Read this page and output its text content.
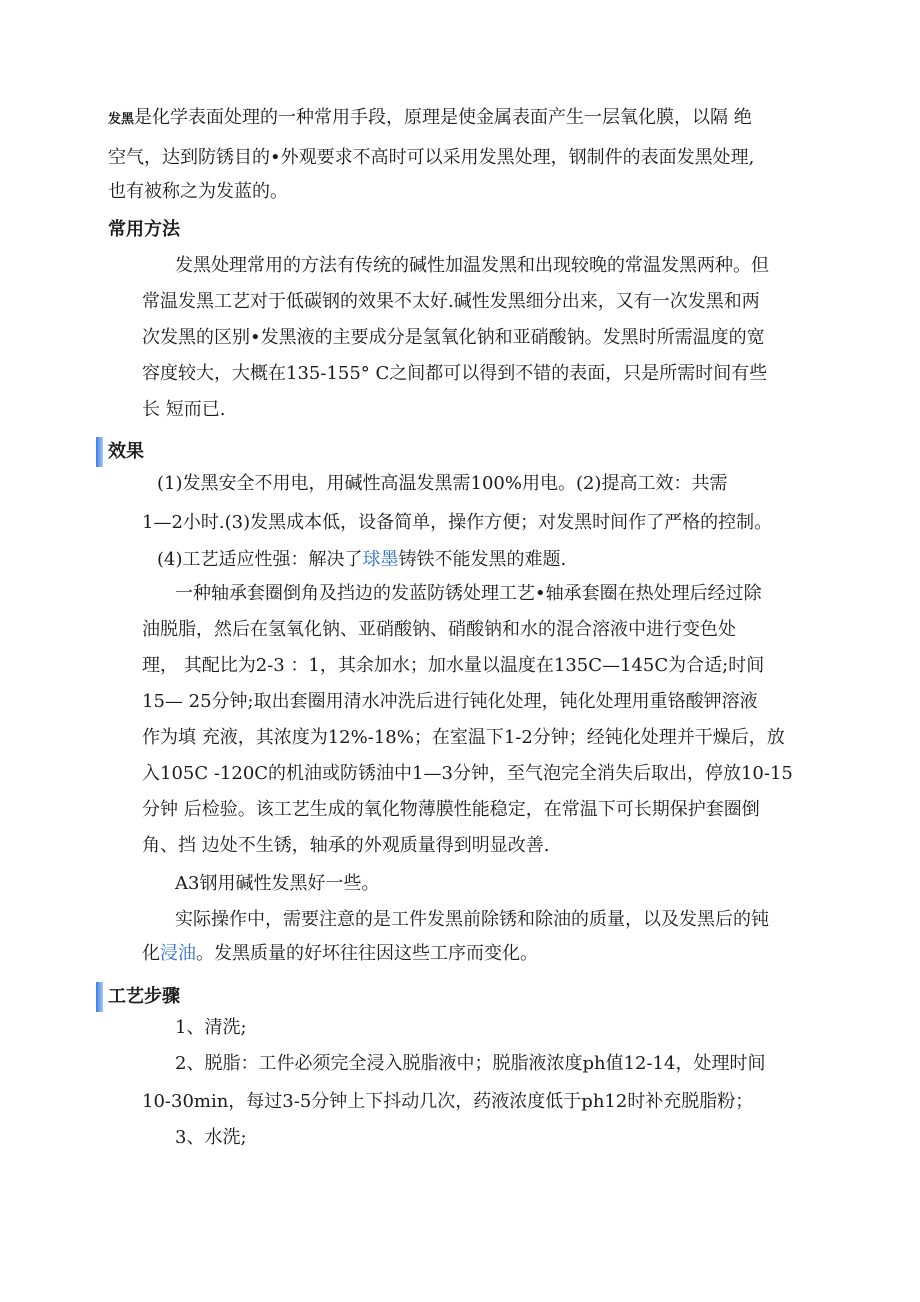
发黑是化学表面处理的一种常用手段，原理是使金属表面产生一层氧化膜，以隔 绝
空气，达到防锈目的•外观要求不高时可以采用发黑处理，钢制件的表面发黑处理,
也有被称之为发蓝的。
常用方法
发黑处理常用的方法有传统的碱性加温发黑和出现较晚的常温发黑两种。但
常温发黑工艺对于低碳钢的效果不太好.碱性发黑细分出来，又有一次发黑和两
次发黑的区别•发黑液的主要成分是氢氧化钠和亚硝酸钠。发黑时所需温度的宽
容度较大，大概在135-155° C之间都可以得到不错的表面，只是所需时间有些
长 短而已.
效果
(1)发黑安全不用电，用碱性高温发黑需100%用电。(2)提高工效：共需
1—2小时.(3)发黑成本低，设备简单，操作方便；对发黑时间作了严格的控制。
(4)工艺适应性强：解决了球墨铸铁不能发黑的难题.
一种轴承套圈倒角及挡边的发蓝防锈处理工艺•轴承套圈在热处理后经过除
油脱脂，然后在氢氧化钠、亚硝酸钠、硝酸钠和水的混合溶液中进行变色处
理， 其配比为2-3 ：1，其余加水；加水量以温度在135C—145C为合适;时间
15— 25分钟;取出套圈用清水冲洗后进行钝化处理，钝化处理用重铬酸钾溶液
作为填 充液，其浓度为12%-18%；在室温下1-2分钟；经钝化处理并干燥后，放
入105C -120C的机油或防锈油中1—3分钟，至气泡完全消失后取出，停放10-15
分钟 后检验。该工艺生成的氧化物薄膜性能稳定，在常温下可长期保护套圈倒
角、挡 边处不生锈，轴承的外观质量得到明显改善.
A3钢用碱性发黑好一些。
实际操作中，需要注意的是工件发黑前除锈和除油的质量，以及发黑后的钝
化浸油。发黑质量的好坏往往因这些工序而变化。
工艺步骤
1、清洗;
2、脱脂：工件必须完全浸入脱脂液中；脱脂液浓度ph值12-14，处理时间
10-30min，每过3-5分钟上下抖动几次，药液浓度低于ph12时补充脱脂粉；
3、水洗;
